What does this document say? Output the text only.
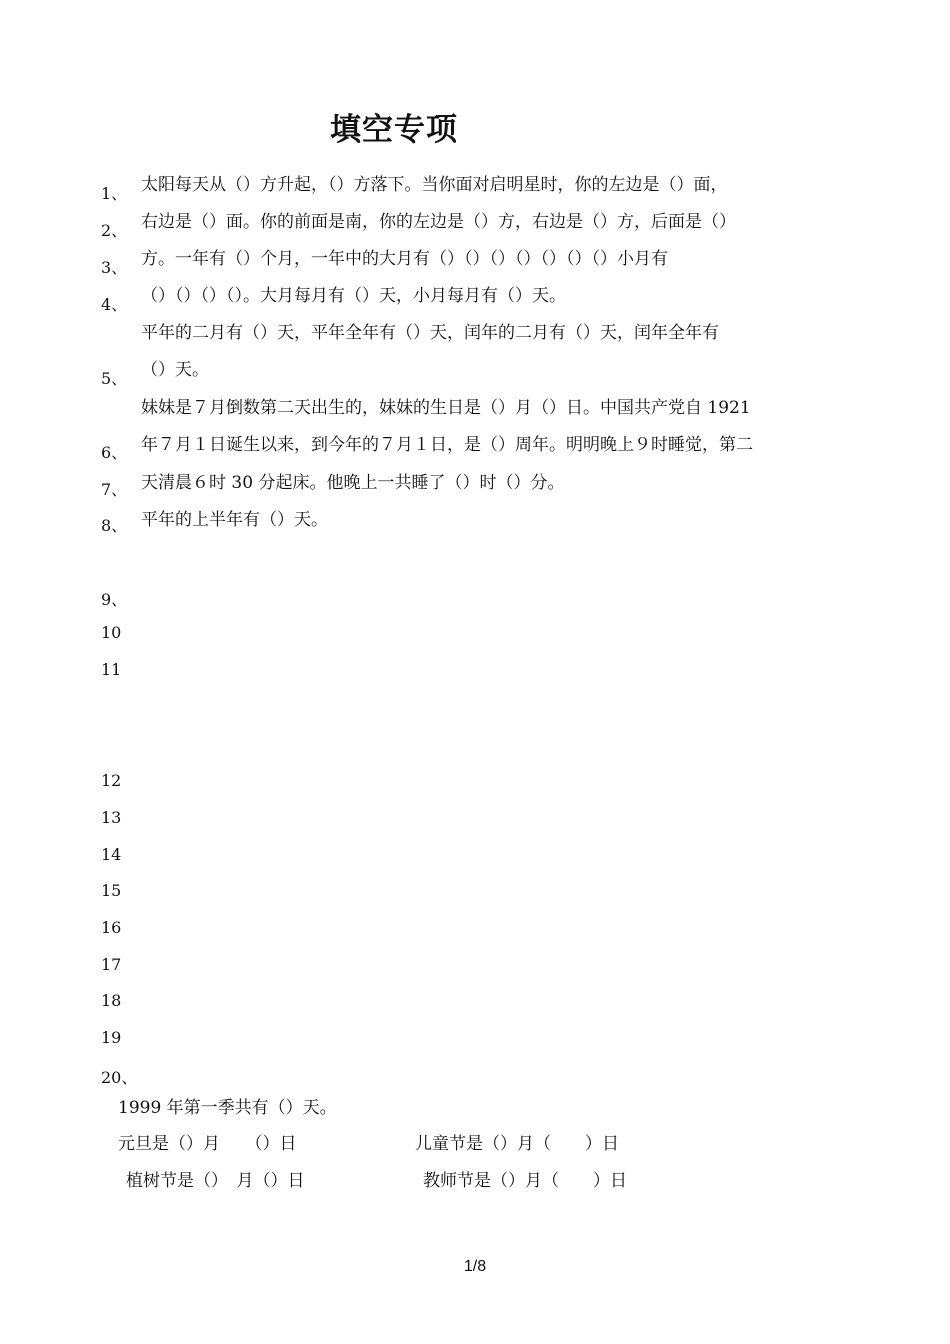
填空专项
1、
2、
3、
4、
5、
6、
7、
8、
9、
10
11
12
13
14
15
16
17
18
19
20、
太阳每天从（）方升起，（）方落下。当你面对启明星时，你的左边是（）面，
右边是（）面。你的前面是南，你的左边是（）方，右边是（）方，后面是（）
方。一年有（）个月，一年中的大月有（）（）（）（）（）（）（）小月有
（）（）（）（）。大月每月有（）天，小月每月有（）天。
平年的二月有（）天，平年全年有（）天，闰年的二月有（）天，闰年全年有
（）天。
妹妹是７月倒数第二天出生的，妹妹的生日是（）月（）日。中国共产党自 1921
年７月１日诞生以来，到今年的７月１日，是（）周年。明明晚上９时睡觉，第二
天清晨６时 30 分起床。他晚上一共睡了（）时（）分。
平年的上半年有（）天。
1999 年第一季共有（）天。
元旦是（）月　　（）日	儿童节是（）月（　　）日
植树节是（）　月（）日	教师节是（）月（　　）日
1/8
